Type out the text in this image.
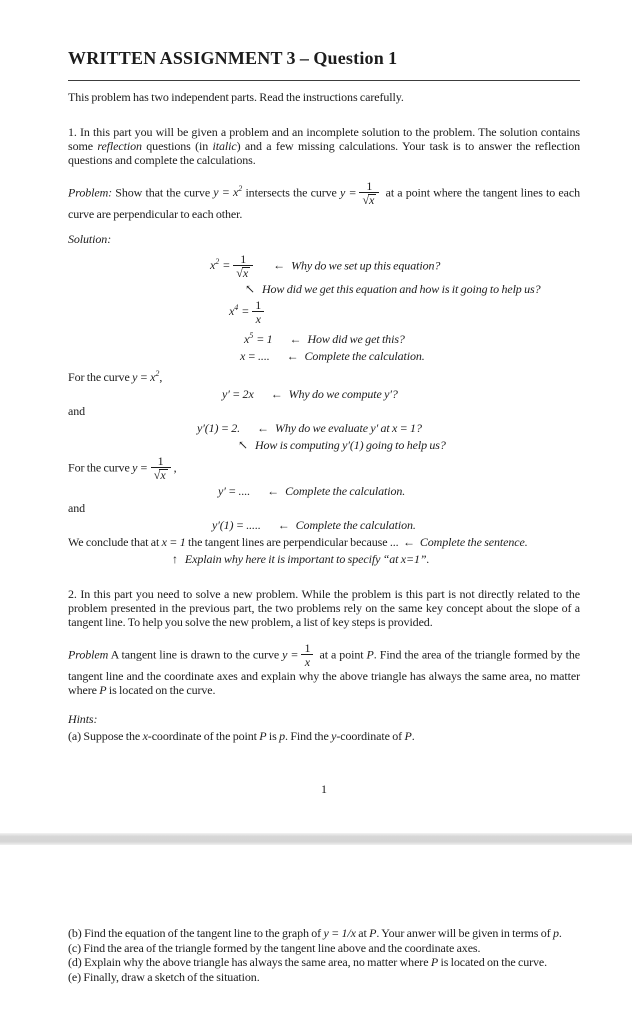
WRITTEN ASSIGNMENT 3 – Question 1

This problem has two independent parts. Read the instructions carefully.

1. In this part you will be given a problem and an incomplete solution to the problem. The solution contains some reflection questions (in italic) and a few missing calculations. Your task is to answer the reflection questions and complete the calculations.

Problem: Show that the curve $y = x^2$ intersects the curve $y = \frac{1}{√x}$ at a point where the tangent lines to each curve are perpendicular to each other.

Solution:

$x^2 = \frac{1}{√x}$ ← Why do we set up this equation?
↖ How did we get this equation and how is it going to help us?
$x^4 = \frac{1}{x}$
$x^5 = 1$ ← How did we get this?
x = .... ← Complete the calculation.
For the curve $y = x^2$,
y′ = 2x ← Why do we compute y′?
and
y′(1) = 2. ← Why do we evaluate y′ at x = 1?
↖ How is computing y′(1) going to help us?
For the curve $y = \frac{1}{√x}$ ,
y′ = .... ← Complete the calculation.
and
y′(1) = ..... ← Complete the calculation.
We conclude that at x = 1 the tangent lines are perpendicular because ... ← Complete the sentence.
↑ Explain why here it is important to specify “at x=1”.

2. In this part you need to solve a new problem. While the problem is this part is not directly related to the problem presented in the previous part, the two problems rely on the same key concept about the slope of a tangent line. To help you solve the new problem, a list of key steps is provided.

Problem A tangent line is drawn to the curve $y = \frac{1}{x}$ at a point P. Find the area of the triangle formed by the tangent line and the coordinate axes and explain why the above triangle has always the same area, no matter where P is located on the curve.

Hints:

(a) Suppose the x-coordinate of the point P is p. Find the y-coordinate of P.

1

(b) Find the equation of the tangent line to the graph of y = 1/x at P. Your anwer will be given in terms of p.

(c) Find the area of the triangle formed by the tangent line above and the coordinate axes.

(d) Explain why the above triangle has always the same area, no matter where P is located on the curve.

(e) Finally, draw a sketch of the situation.
